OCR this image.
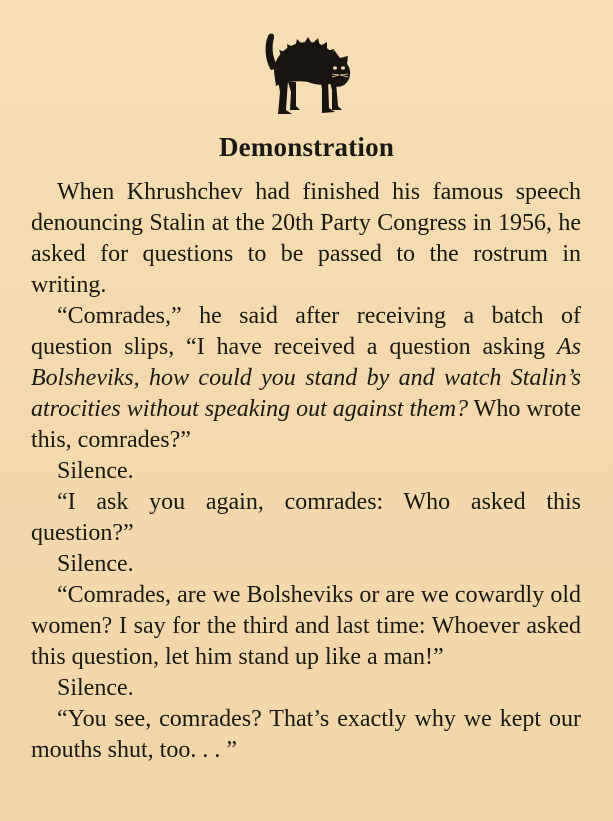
Demonstration

When Khrushchev had finished his famous speech denouncing Stalin at the 20th Party Congress in 1956, he asked for questions to be passed to the rostrum in writing.

“Comrades,” he said after receiving a batch of question slips, “I have received a question asking As Bolsheviks, how could you stand by and watch Stalin’s atrocities without speaking out against them? Who wrote this, comrades?”

Silence.

“I ask you again, comrades: Who asked this question?”

Silence.

“Comrades, are we Bolsheviks or are we cowardly old women? I say for the third and last time: Whoever asked this question, let him stand up like a man!”

Silence.

“You see, comrades? That’s exactly why we kept our mouths shut, too. . . ”
